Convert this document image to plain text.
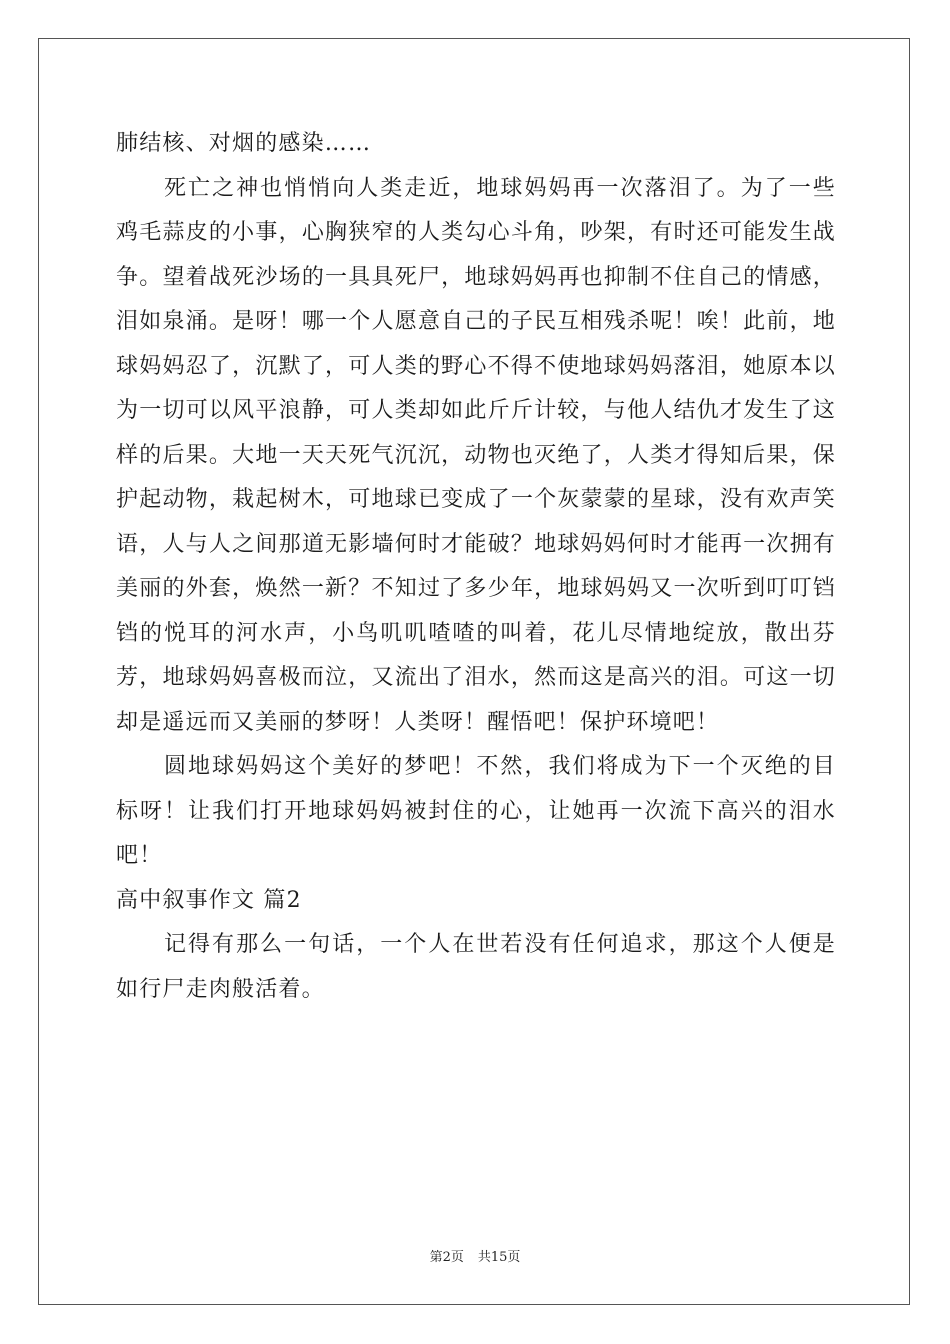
肺结核、对烟的感染……

死亡之神也悄悄向人类走近，地球妈妈再一次落泪了。为了一些鸡毛蒜皮的小事，心胸狭窄的人类勾心斗角，吵架，有时还可能发生战争。望着战死沙场的一具具死尸，地球妈妈再也抑制不住自己的情感，泪如泉涌。是呀！哪一个人愿意自己的子民互相残杀呢！唉！此前，地球妈妈忍了，沉默了，可人类的野心不得不使地球妈妈落泪，她原本以为一切可以风平浪静，可人类却如此斤斤计较，与他人结仇才发生了这样的后果。大地一天天死气沉沉，动物也灭绝了，人类才得知后果，保护起动物，栽起树木，可地球已变成了一个灰蒙蒙的星球，没有欢声笑语，人与人之间那道无影墙何时才能破？地球妈妈何时才能再一次拥有美丽的外套，焕然一新？不知过了多少年，地球妈妈又一次听到叮叮铛铛的悦耳的河水声，小鸟叽叽喳喳的叫着，花儿尽情地绽放，散出芬芳，地球妈妈喜极而泣，又流出了泪水，然而这是高兴的泪。可这一切却是遥远而又美丽的梦呀！人类呀！醒悟吧！保护环境吧！

圆地球妈妈这个美好的梦吧！不然，我们将成为下一个灭绝的目标呀！让我们打开地球妈妈被封住的心，让她再一次流下高兴的泪水吧！

高中叙事作文 篇2

记得有那么一句话，一个人在世若没有任何追求，那这个人便是如行尸走肉般活着。

第2页 共15页
